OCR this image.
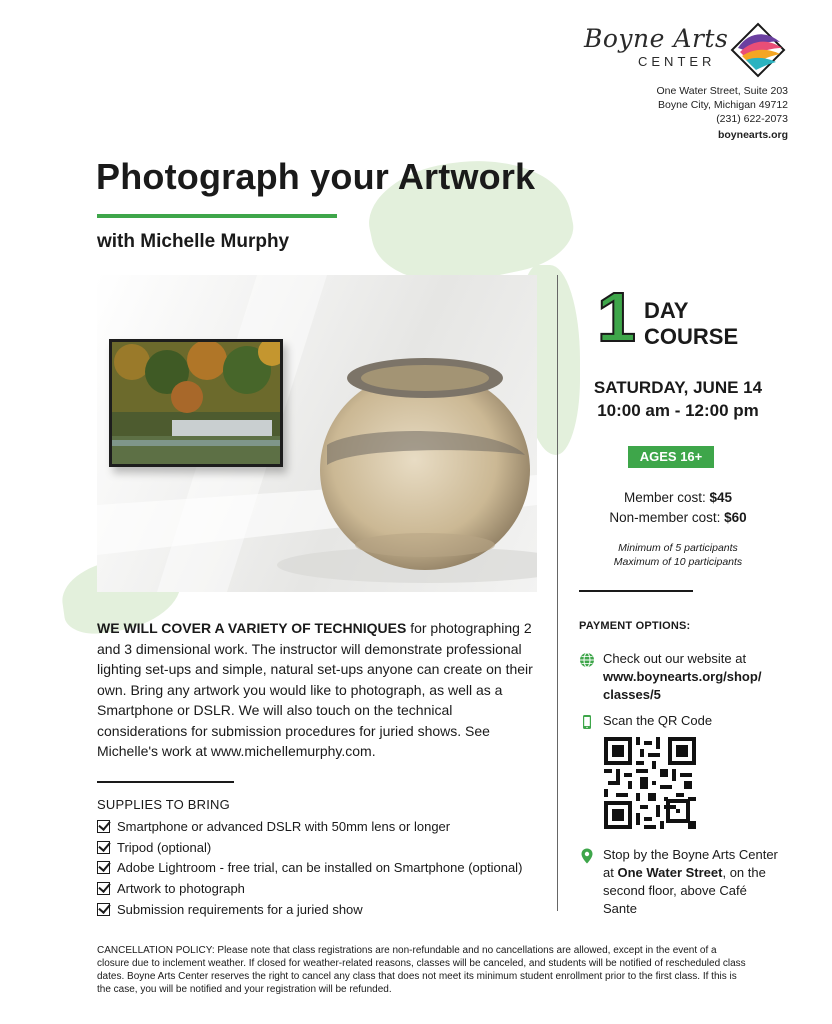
Boyne Arts
CENTER
One Water Street, Suite 203
Boyne City, Michigan 49712
(231) 622-2073
boynearts.org
Photograph your Artwork
with Michelle Murphy
1 DAY
COURSE
SATURDAY, JUNE 14
10:00 am - 12:00 pm
AGES 16+
Member cost: $45
Non-member cost: $60
Minimum of 5 participants
Maximum of 10 participants
PAYMENT OPTIONS:
Check out our website at
www.boynearts.org/shop/ classes/5
Scan the QR Code
Stop by the Boyne Arts Center at One Water Street, on the second floor, above Café Sante

WE WILL COVER A VARIETY OF TECHNIQUES for photographing 2 and 3 dimensional work. The instructor will demonstrate professional lighting set-ups and simple, natural set-ups anyone can create on their own. Bring any artwork you would like to photograph, as well as a Smartphone or DSLR. We will also touch on the technical considerations for submission procedures for juried shows. See Michelle's work at www.michellemurphy.com.

SUPPLIES TO BRING
Smartphone or advanced DSLR with 50mm lens or longer
Tripod (optional)
Adobe Lightroom - free trial, can be installed on Smartphone (optional)
Artwork to photograph
Submission requirements for a juried show

CANCELLATION POLICY: Please note that class registrations are non-refundable and no cancellations are allowed, except in the event of a closure due to inclement weather. If closed for weather-related reasons, classes will be canceled, and students will be notified of rescheduled class dates. Boyne Arts Center reserves the right to cancel any class that does not meet its minimum student enrollment prior to the first class. If this is the case, you will be notified and your registration will be refunded.
